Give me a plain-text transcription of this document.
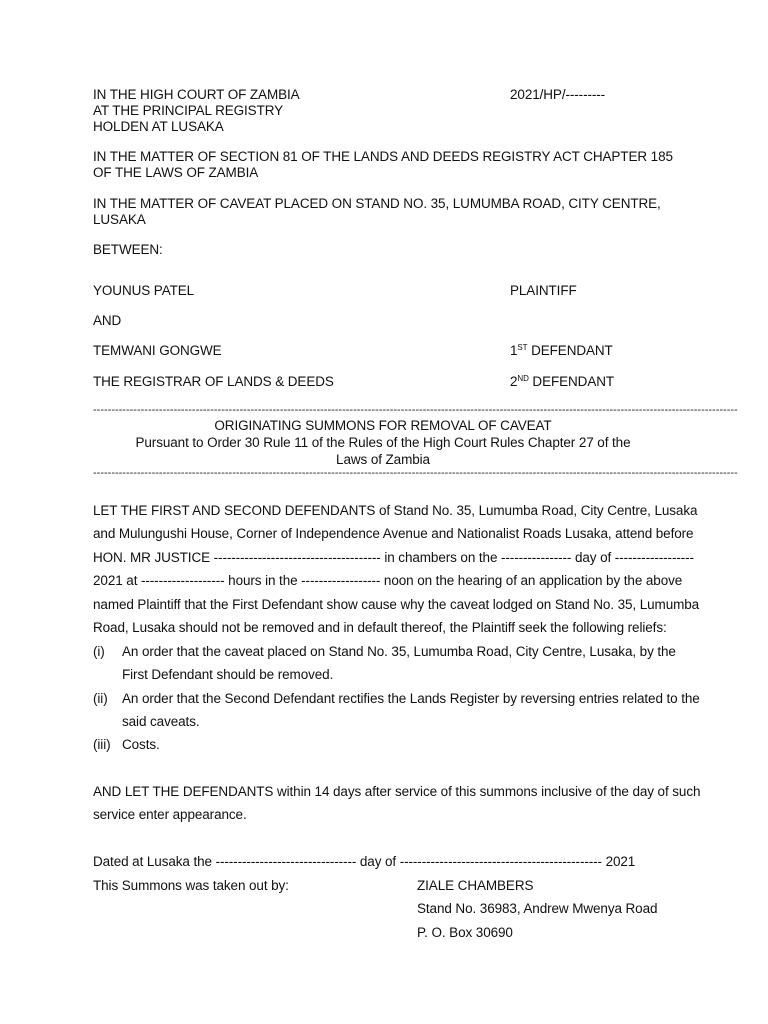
IN THE HIGH COURT OF ZAMBIA
AT THE PRINCIPAL REGISTRY
HOLDEN AT LUSAKA
2021/HP/---------
IN THE MATTER OF SECTION 81 OF THE LANDS AND DEEDS REGISTRY ACT CHAPTER 185
OF THE LAWS OF ZAMBIA
IN THE MATTER OF CAVEAT PLACED ON STAND NO. 35, LUMUMBA ROAD, CITY CENTRE,
LUSAKA
BETWEEN:
YOUNUS PATEL	PLAINTIFF
AND
TEMWANI GONGWE	1ST DEFENDANT
THE REGISTRAR OF LANDS & DEEDS	2ND DEFENDANT
--------------------------------------------------------------------------------------------------------------------------------------------------------------------------------
ORIGINATING SUMMONS FOR REMOVAL OF CAVEAT
Pursuant to Order 30 Rule 11 of the Rules of the High Court Rules Chapter 27 of the
Laws of Zambia
--------------------------------------------------------------------------------------------------------------------------------------------------------------------------------
LET THE FIRST AND SECOND DEFENDANTS of Stand No. 35, Lumumba Road, City Centre, Lusaka
and Mulungushi House, Corner of Independence Avenue and Nationalist Roads Lusaka, attend before
HON. MR JUSTICE -------------------------------------- in chambers on the ---------------- day of ------------------
2021 at ------------------- hours in the ------------------ noon on the hearing of an application by the above
named Plaintiff that the First Defendant show cause why the caveat lodged on Stand No. 35, Lumumba
Road, Lusaka should not be removed and in default thereof, the Plaintiff seek the following reliefs:
(i) An order that the caveat placed on Stand No. 35, Lumumba Road, City Centre, Lusaka, by the
First Defendant should be removed.
(ii) An order that the Second Defendant rectifies the Lands Register by reversing entries related to the
said caveats.
(iii) Costs.
AND LET THE DEFENDANTS within 14 days after service of this summons inclusive of the day of such
service enter appearance.
Dated at Lusaka the -------------------------------- day of ---------------------------------------------- 2021
This Summons was taken out by:	ZIALE CHAMBERS
Stand No. 36983, Andrew Mwenya Road
P. O. Box 30690
